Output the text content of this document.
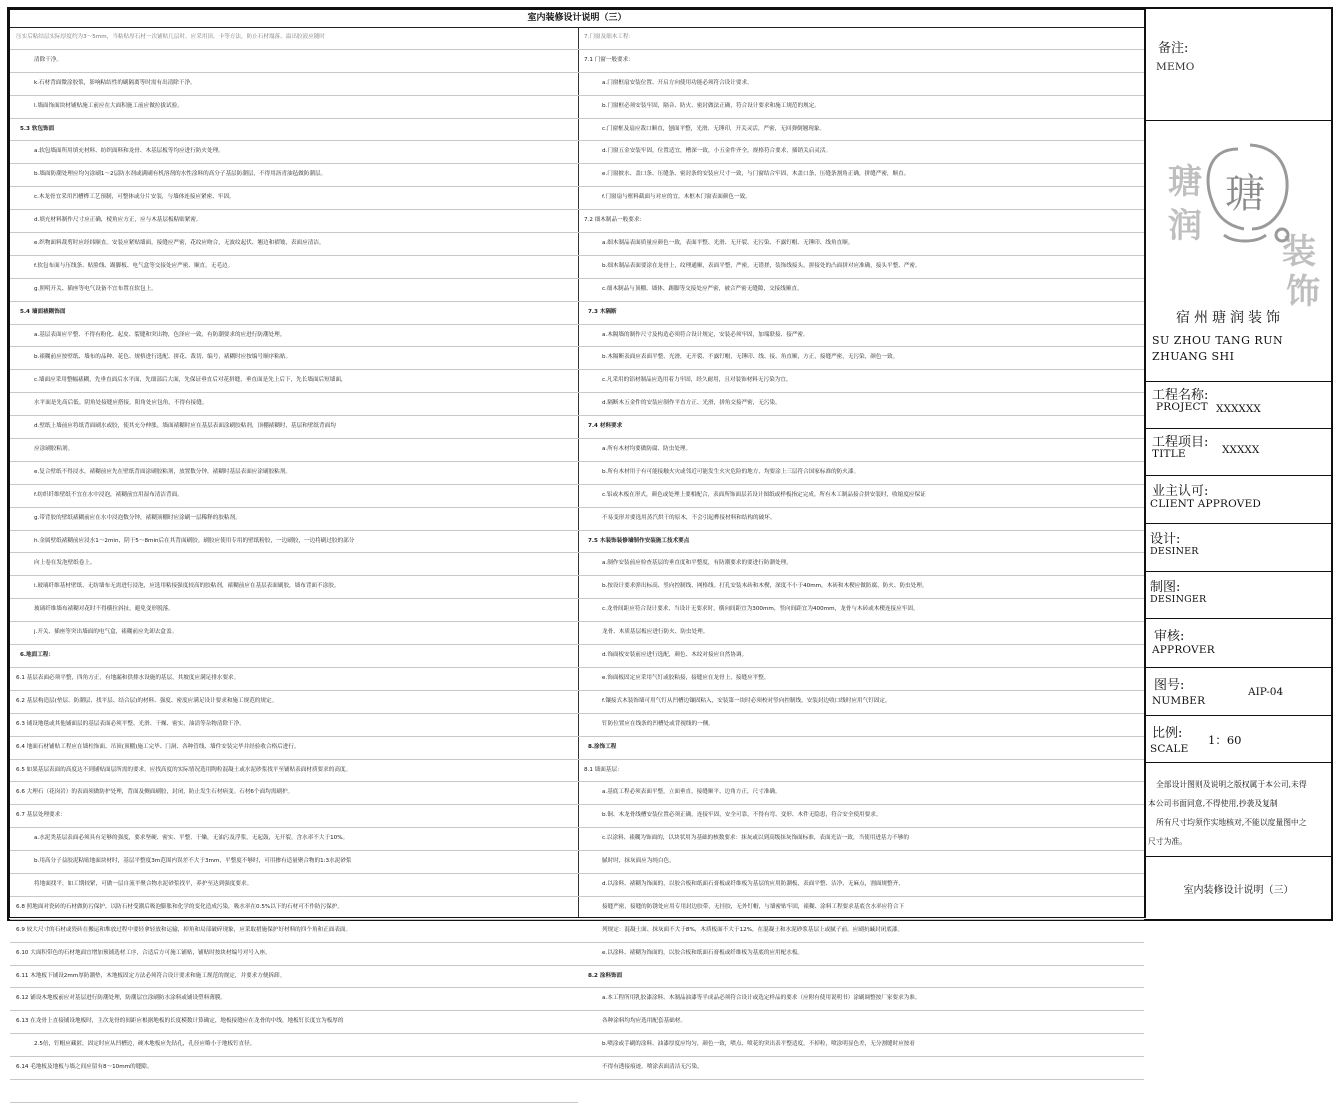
室内装修设计说明（三）
压实后粘结层实际厚度约为3～5mm，当粘贴厚石材一次铺贴几层时，应采用顶、卡等方法，防止石材塌落、溢出胶液应随时
清除干净。
k.石材背面微涂胶浆，影响粘结性的刷隔离等时需有出清除干净。
l.墙面饰面块材铺贴施工前应在大面积施工前应做拉拔试验。
5.3 软包饰面
a.软包墙面所用填充材料、纺织面料和龙骨、木基层板等均应进行防火处理。
b.墙面防潮处理应均匀涂刷1～2层防水剂或满刷有机溶剂的水性涂料的高分子基层防潮层，不得用沥青油毡做防潮层。
c.木龙骨宜采用凹槽榫工艺预制，可整体或分片安装，与墙体连接应紧密、牢固。
d.填充材料制作尺寸应正确，棱角应方正，应与木基层板粘贴紧密。
e.织物面料裁剪时应经纬顺直。安装应紧贴墙面，接缝应严密，花纹应吻合，无波纹起伏、翘边和褶皱，表面应清洁。
f.软包布面与压线条、贴脸线、踢脚板、电气盒等交接处应严密、顺直，无毛边。
g.照明开关、插座等电气设备不宜布置在软包上。
5.4 墙面裱糊饰面
a.基层表面应平整、不得有粉化、起皮、裂缝和突出物，色泽应一致，有防潮要求的应进行防潮处理。
b.裱糊前应按壁纸、墙布的品种、花色、规格进行选配、拼花、裁切、编号，裱糊时应按编号顺序粘贴。
c.墙面应采用整幅裱糊，先垂直面后水平面，先细部后大面，先保证垂直后对花拼缝，垂直面是先上后下，先长墙面后短墙面，
水平面是先高后低。阴角处接缝应搭接，阳角处应包角，不得有接缝。
d.壁纸上墙前应将纸背面刷水或胶，使其充分伸胀。墙面裱糊时应在基层表面涂刷胶粘剂，顶棚裱糊时，基层和壁纸背面均
应涂刷胶粘剂。
e.复合壁纸不得浸水，裱糊前应先在壁纸背面涂刷胶粘剂，放置数分钟，裱糊时基层表面应涂刷胶粘剂。
f.纺织纤维壁纸不宜在水中浸泡，裱糊前宜用湿布清洁背面。
g.带背胶的壁纸裱糊前应在水中浸泡数分钟，裱糊顶棚时应涂刷一层稀释的胶粘剂。
h.金属壁纸裱糊前应浸水1～2min，阴干5～8min后在其背面刷胶。刷胶应使用专用的壁纸粉胶，一边刷胶，一边将刷过胶的部分
向上卷在发泡壁纸卷上。
i.玻璃纤维基材壁纸、无纺墙布无需进行浸泡，应选用粘接强度较高的胶粘剂，裱糊前应在基层表面刷胶，墙布背面不涂胶。
玻璃纤维墙布裱糊对花时不得横拉斜扯，避免变形脱落。
j.开关、插座等突出墙面的电气盒，裱糊前应先卸去盒盖。
6.地面工程：
6.1 基层表面必须平整，四角方正，有地漏和供排水设施的基层，其坡度应满足排水要求。
6.2 基层构造层(垫层、防潮层、找平层、结合层)的材料、强度、密度应满足设计要求和施工规范的规定。
6.3 铺设地毯或其他铺面层的基层表面必须平整、光滑、干燥、密实，油渍等杂物清除干净。
6.4 地面石材铺贴工程应在墙柱饰面、吊顶(顶棚)施工完毕、门洞、各种管线、墙件安装完毕并经验收合格后进行。
6.5 如果基层表面的高度达不到铺贴面层所需的要求，应找高度的实际情况选用陶粒混凝土或水泥砂浆找平至铺贴表面材质要求的高度。
6.6 大理石（花岗岩）的表面须做防护处理，背面及侧面刷胶，封闭，防止发生石材病变。石材6个面均需刷护。
6.7 基层处理要求：
a.水泥类基层表面必须具有足够的强度，要求坚硬、密实、平整、干燥，无油污及浮浆，无起鼓，无开裂。含水率不大于10%。
b.用高分子益胶泥粘贴地面块材时，基层平整度3m范围内误差不大于3mm，平整度不够时，可用掺有适量聚合物的1:3水泥砂浆
将地面找平，如工期较紧，可做一层自流平聚合物水泥砂浆找平，养护至达到强度要求。
6.8 照地面对瓷砖的石材做防污保护，以防石材受潮后吸泡膨胀和化学的变化造成污染，吸水率在0.5%以下的石材可不作防污保护。
6.9 较大尺寸的石材或瓷砖在搬运和堆放过程中要轻拿轻放和运输，掉角和局部破碎现象，应采取措施保护好材料的四个角和正面表面。
6.10 大面积带色的石材地面宜增加预铺选材工序，合适后方可施工铺贴，铺贴时按块材编号对号入座。
6.11 木地板下铺设2mm厚防潮垫，木地板固定方法必须符合设计要求和施工规范的规定，并要求方便拆卸。
6.12 铺设木地板前应对基层进行防潮处理，防潮层宜涂刷防水涂料或铺设塑料薄膜。
6.13 在龙骨上直接铺设地板时，主次龙骨的间距应根据地板的长度模数计算确定，地板接缝应在龙骨的中线，地板钉长度宜为板厚的
2.5倍，钉帽应藏匿，固定时应从凹槽边，硬木地板应先钻孔，孔径应略小于地板钉直径。
6.14 毛地板及地板与墙之间应留有8～10mm的缝隙。
7.门窗及细木工程：
7.1 门窗一般要求：
a.门窗框扇安装位置、开启方向使用功能必须符合设计要求。
b.门窗框必须安装牢固，隔音、防火、密封做法正确，符合设计要求和施工规范的规定。
c.门窗框及扇应裁口顺直，刨面平整，光滑、无锤印，开关灵活，严密，无回弹倒翘现象。
d.门窗五金安装牢固，位置适宜，槽深一致，小五金件齐全，规格符合要求，插销关启灵活。
e.门窗披水、盖口条、压缝条、密封条的安装应尺寸一致，与门窗结合牢固，木盖口条，压缝条割角正确，拼缝严密，顺直。
f.门窗扇与框料截面与对应的宜。木框木门窗表面颜色一致。
7.2 细木制品一般要求：
a.细木制品表面质量应颜色一致，表面平整、光滑、无开裂、无污染、不露钉帽、无锤印、线角直顺。
b.细木制品表面要涂在龙骨上，纹理通顺，表面平整，严密，无错搓，装饰线接头，拼接处的凸面拼对应准确，接头平整、严密。
c.细木制品与顶棚、墙体、踢脚等交接处应严密，被合严密无缝隙，交接线顺直。
7.3 木隔断
a.木隔墙的制作尺寸及构造必须符合设计规定，安装必须牢固，加端联接、接严密。
b.木隔断表面应表面平整、光滑，无开裂、不露钉帽，无锤印、线、接、角直顺，方正，接缝严密，无污染，颜色一致。
c.凡采用的铝材制品应选用着力牢固，经久耐用，且对装饰材料无污染为宜。
d.隔断木五金件的安装应制作平直方正、光滑，拼角交接严密，无污染。
7.4 材料要求
a.所有木材均要做防腐、防虫处理。
b.所有木材用于有可能接触火灾或邻近可能发生火灾危险的地方，均要涂上三层符合国家标准的防火漆。
c.铝或木板在形式，颜色或处理上要相配合，表面所饰面层若设计图纸或样板指定完成。所有木工制品接合拼安装时，收缩度应保证
不易变形并要选用蒸汽烘干的原木，不会引起榫接材料和结构的破坏。
7.5 木装饰装修墙制作安装施工技术要点
a.制作安装前应检查基层的垂直度和平整度，有防潮要求的要进行防潮处理。
b.按设计要求弹出标高、竖向控制线、网格线。打孔安装木砖和木楔，深度不小于40mm，木砖和木楔应做防腐、防火、防虫处理。
c.龙骨间距应符合设计要求，当设计无要求时，横向间距宜为300mm，竖向间距宜为400mm，龙骨与木砖或木楔连接应牢固。
龙骨、木质基层板应进行防火、防虫处理。
d.饰面板安装前应进行选配，颜色、木纹对接应自然协调。
e.饰面板固定应采用气钉或胶粘接，接缝应在龙骨上，接缝应平整。
f.镶接式木装饰墙可用气钉从凹槽边镶固粘入，安装第一块时必须校对竖向控制线，安装封边收口线时应用气钉固定。
钉防位置应在线条的凹槽处或背视线的一侧。
8.涂饰工程
8.1 墙面基层：
a.基底工程必须表面平整，立面垂直，接缝顺平、边角方正，尺寸准确。
b.铜、木龙骨线槽安装位置必须正确，连接牢固，安全可靠，不得有弯、变形、木件无隐患，符合安全使用要求。
c.以涂料、裱糊为饰面的，以块状用为基础的核数要求：抹灰或以到高级抹灰饰面标准，表面光洁一致，当使用进基力不够的
腻时时，抹灰面应为纯白色。
d.以涂料、裱糊为饰面的，以胶合板和纸面石膏板或纤维板为基层的应用防潮板，表面平整、洁净、无麻点，割面规整齐，
接缝严密，接缝的防锈处应用专用封边胶带，无挂胶，无外钉帽，与墙密贴牢固，裱糊、涂料工程要求基底含水率应符合下
列规定：混凝土面、抹灰面不大于8%，木质板面不大于12%，在混凝土和水泥砂浆基层上或腻子前，应刷抗碱封闭底漆。
e.以涂料、裱糊为饰面的，以胶合板和纸面石膏板或纤维板为基底的应用配水板。
8.2 涂料饰面
a.本工程所用乳胶漆涂料、木制品油漆等半成品必须符合设计或选定样品的要求（应附有使用说明书）涂刷调整按厂家要求为准。
各种涂料均均应选用配套基础材。
b.喷涂或手刷的涂料、油漆厚度应均匀，颜色一致，喷点、喷花的突出表平整适度，不掉粒，喷涂明显色差，无分割缝时应按看
不得有透接痕迹，喷涂表面清洁无污染。
备注:
MEMO
瑭
润
装
饰
瑭
宿州瑭润装饰
SU ZHOU TANG RUN ZHUANG SHI
工程名称:
PROJECT XXXXXX
工程项目:
TITLE	XXXXX
业主认可:
CLIENT APPROVED
设计:
DESINER
制图:
DESINGER
审核:
APPROVER
图号:
NUMBER
AIP-04
比例:
SCALE
1：60
全部设计图则及说明之版权属于本公司,未得
本公司书面同意,不得使用,抄袭及复制
所有尺寸均须作实地核对,不能以度量图中之
尺寸为准。
室内装修设计说明（三）
